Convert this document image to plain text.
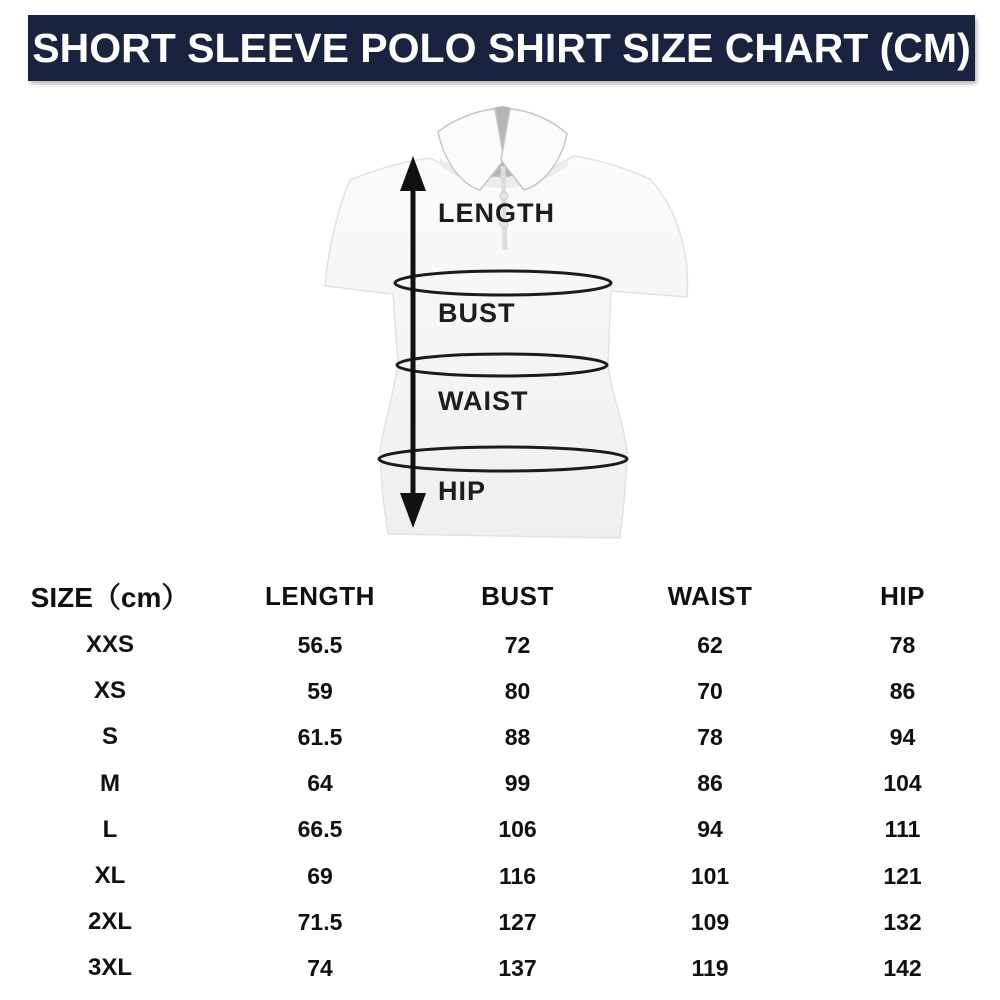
SHORT SLEEVE POLO SHIRT SIZE CHART (CM)
LENGTH
BUST
WAIST
HIP
SIZE（cm）	LENGTH	BUST	WAIST	HIP
XXS	56.5	72	62	78
XS	59	80	70	86
S	61.5	88	78	94
M	64	99	86	104
L	66.5	106	94	111
XL	69	116	101	121
2XL	71.5	127	109	132
3XL	74	137	119	142
